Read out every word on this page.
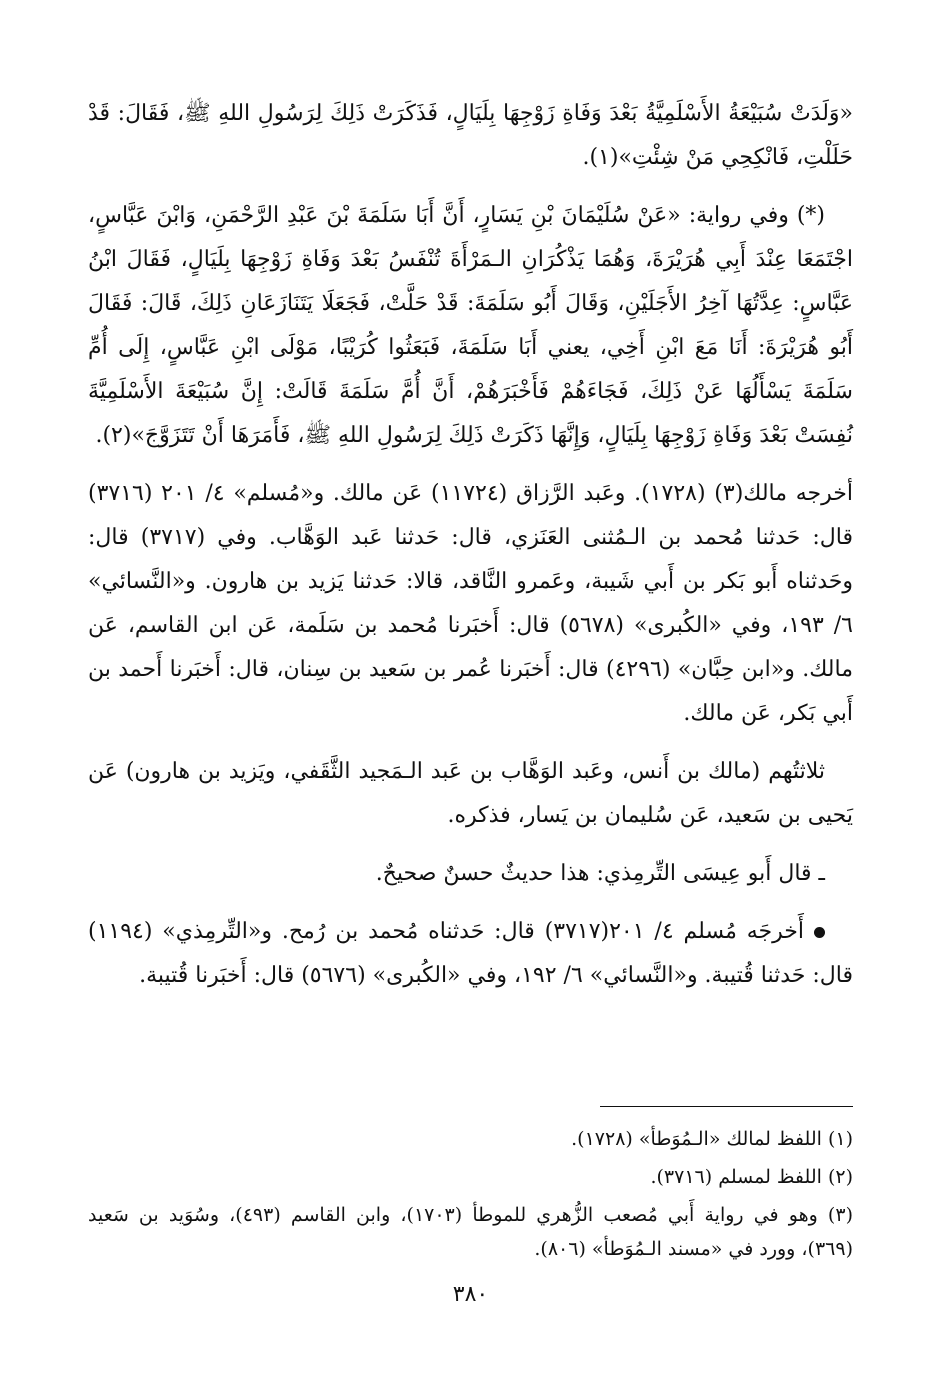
«وَلَدَتْ سُبَيْعَةُ الأَسْلَمِيَّةُ بَعْدَ وَفَاةِ زَوْجِهَا بِلَيَالٍ، فَذَكَرَتْ ذَلِكَ لِرَسُولِ اللهِ ﷺ، فَقَالَ: قَدْ حَلَلْتِ، فَانْكِحِي مَنْ شِئْتِ»(١).

(*) وفي رواية: «عَنْ سُلَيْمَانَ بْنِ يَسَارٍ، أَنَّ أَبَا سَلَمَةَ بْنَ عَبْدِ الرَّحْمَنِ، وَابْنَ عَبَّاسٍ، اجْتَمَعَا عِنْدَ أَبِي هُرَيْرَةَ، وَهُمَا يَذْكُرَانِ الـمَرْأَةَ تُنْفَسُ بَعْدَ وَفَاةِ زَوْجِهَا بِلَيَالٍ، فَقَالَ ابْنُ عَبَّاسٍ: عِدَّتُهَا آخِرُ الأَجَلَيْنِ، وَقَالَ أَبُو سَلَمَةَ: قَدْ حَلَّتْ، فَجَعَلَا يَتَنَازَعَانِ ذَلِكَ، قَالَ: فَقَالَ أَبُو هُرَيْرَةَ: أَنَا مَعَ ابْنِ أَخِي، يعني أَبَا سَلَمَةَ، فَبَعَثُوا كُرَيْبًا، مَوْلَى ابْنِ عَبَّاسٍ، إِلَى أُمِّ سَلَمَةَ يَسْأَلُهَا عَنْ ذَلِكَ، فَجَاءَهُمْ فَأَخْبَرَهُمْ، أَنَّ أُمَّ سَلَمَةَ قَالَتْ: إِنَّ سُبَيْعَةَ الأَسْلَمِيَّةَ نُفِسَتْ بَعْدَ وَفَاةِ زَوْجِهَا بِلَيَالٍ، وَإِنَّهَا ذَكَرَتْ ذَلِكَ لِرَسُولِ اللهِ ﷺ، فَأَمَرَهَا أَنْ تَتَزَوَّجَ»(٢).

أخرجه مالك(٣) (١٧٢٨). وعَبد الرَّزاق (١١٧٢٤) عَن مالك. و«مُسلم» ٤/ ٢٠١ (٣٧١٦) قال: حَدثنا مُحمد بن الـمُثنى العَنَزي، قال: حَدثنا عَبد الوَهَّاب. وفي (٣٧١٧) قال: وحَدثناه أَبو بَكر بن أَبي شَيبة، وعَمرو النَّاقد، قالا: حَدثنا يَزيد بن هارون. و«النَّسائي» ٦/ ١٩٣، وفي «الكُبرى» (٥٦٧٨) قال: أَخبَرنا مُحمد بن سَلَمة، عَن ابن القاسم، عَن مالك. و«ابن حِبَّان» (٤٢٩٦) قال: أَخبَرنا عُمر بن سَعيد بن سِنان، قال: أَخبَرنا أَحمد بن أَبي بَكر، عَن مالك.

ثلاثتُهم (مالك بن أَنس، وعَبد الوَهَّاب بن عَبد الـمَجيد الثَّقَفي، ويَزيد بن هارون) عَن يَحيى بن سَعيد، عَن سُليمان بن يَسار، فذكره.

ـ قال أَبو عِيسَى التِّرمِذي: هذا حديثٌ حسنٌ صحيحٌ.

أَخرجَه مُسلم ٤/ ٢٠١(٣٧١٧) قال: حَدثناه مُحمد بن رُمح. و«التِّرمِذي» (١١٩٤) قال: حَدثنا قُتيبة. و«النَّسائي» ٦/ ١٩٢، وفي «الكُبرى» (٥٦٧٦) قال: أَخبَرنا قُتيبة.

(١) اللفظ لمالك «الـمُوَطأ» (١٧٢٨).

(٢) اللفظ لمسلم (٣٧١٦).

(٣) وهو في رواية أَبي مُصعب الزُّهري للموطأ (١٧٠٣)، وابن القاسم (٤٩٣)، وسُوَيد بن سَعيد (٣٦٩)، وورد في «مسند الـمُوَطأ» (٨٠٦).

٣٨٠
